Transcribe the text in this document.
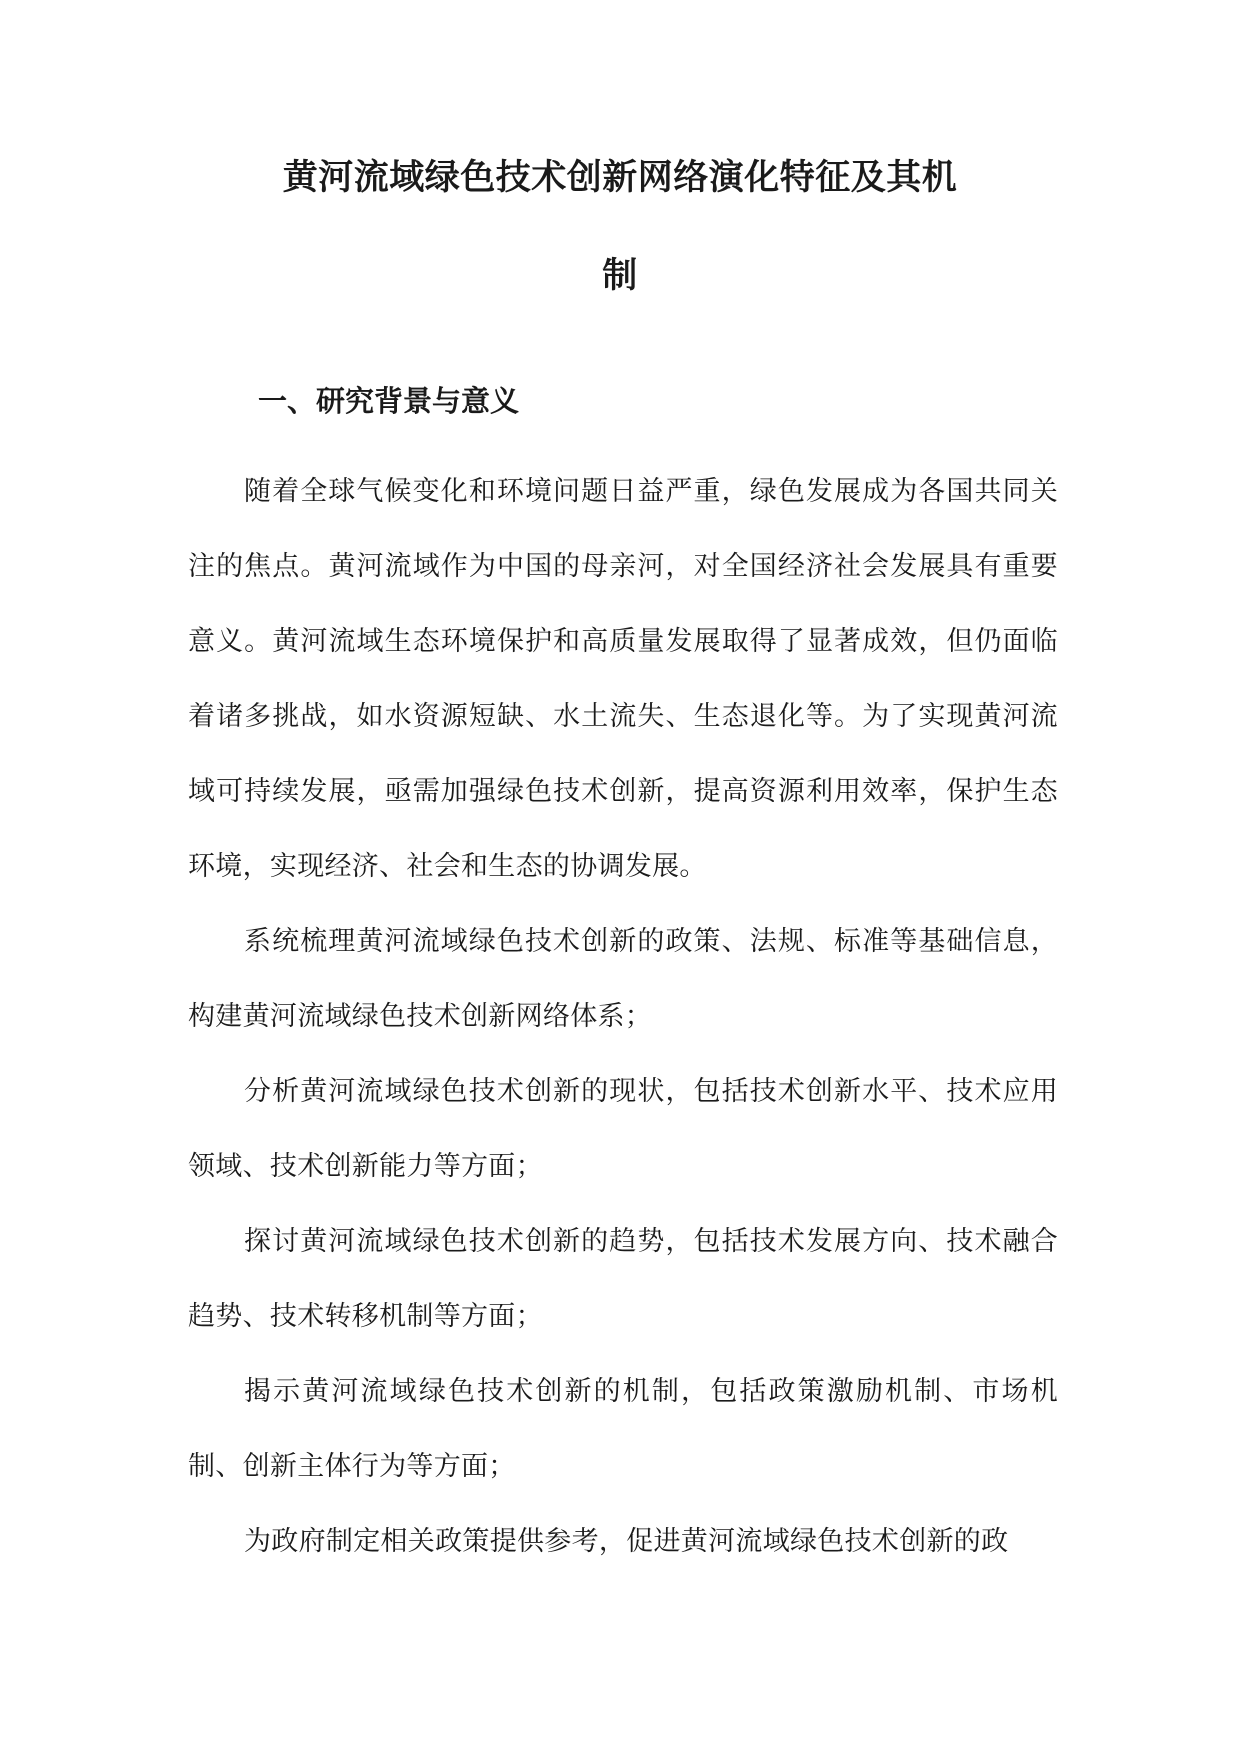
黄河流域绿色技术创新网络演化特征及其机
制
一、研究背景与意义

随着全球气候变化和环境问题日益严重，绿色发展成为各国共同关注的焦点。黄河流域作为中国的母亲河，对全国经济社会发展具有重要意义。黄河流域生态环境保护和高质量发展取得了显著成效，但仍面临着诸多挑战，如水资源短缺、水土流失、生态退化等。为了实现黄河流域可持续发展，亟需加强绿色技术创新，提高资源利用效率，保护生态环境，实现经济、社会和生态的协调发展。

系统梳理黄河流域绿色技术创新的政策、法规、标准等基础信息，构建黄河流域绿色技术创新网络体系；

分析黄河流域绿色技术创新的现状，包括技术创新水平、技术应用领域、技术创新能力等方面；

探讨黄河流域绿色技术创新的趋势，包括技术发展方向、技术融合趋势、技术转移机制等方面；

揭示黄河流域绿色技术创新的机制，包括政策激励机制、市场机制、创新主体行为等方面；

为政府制定相关政策提供参考，促进黄河流域绿色技术创新的政
